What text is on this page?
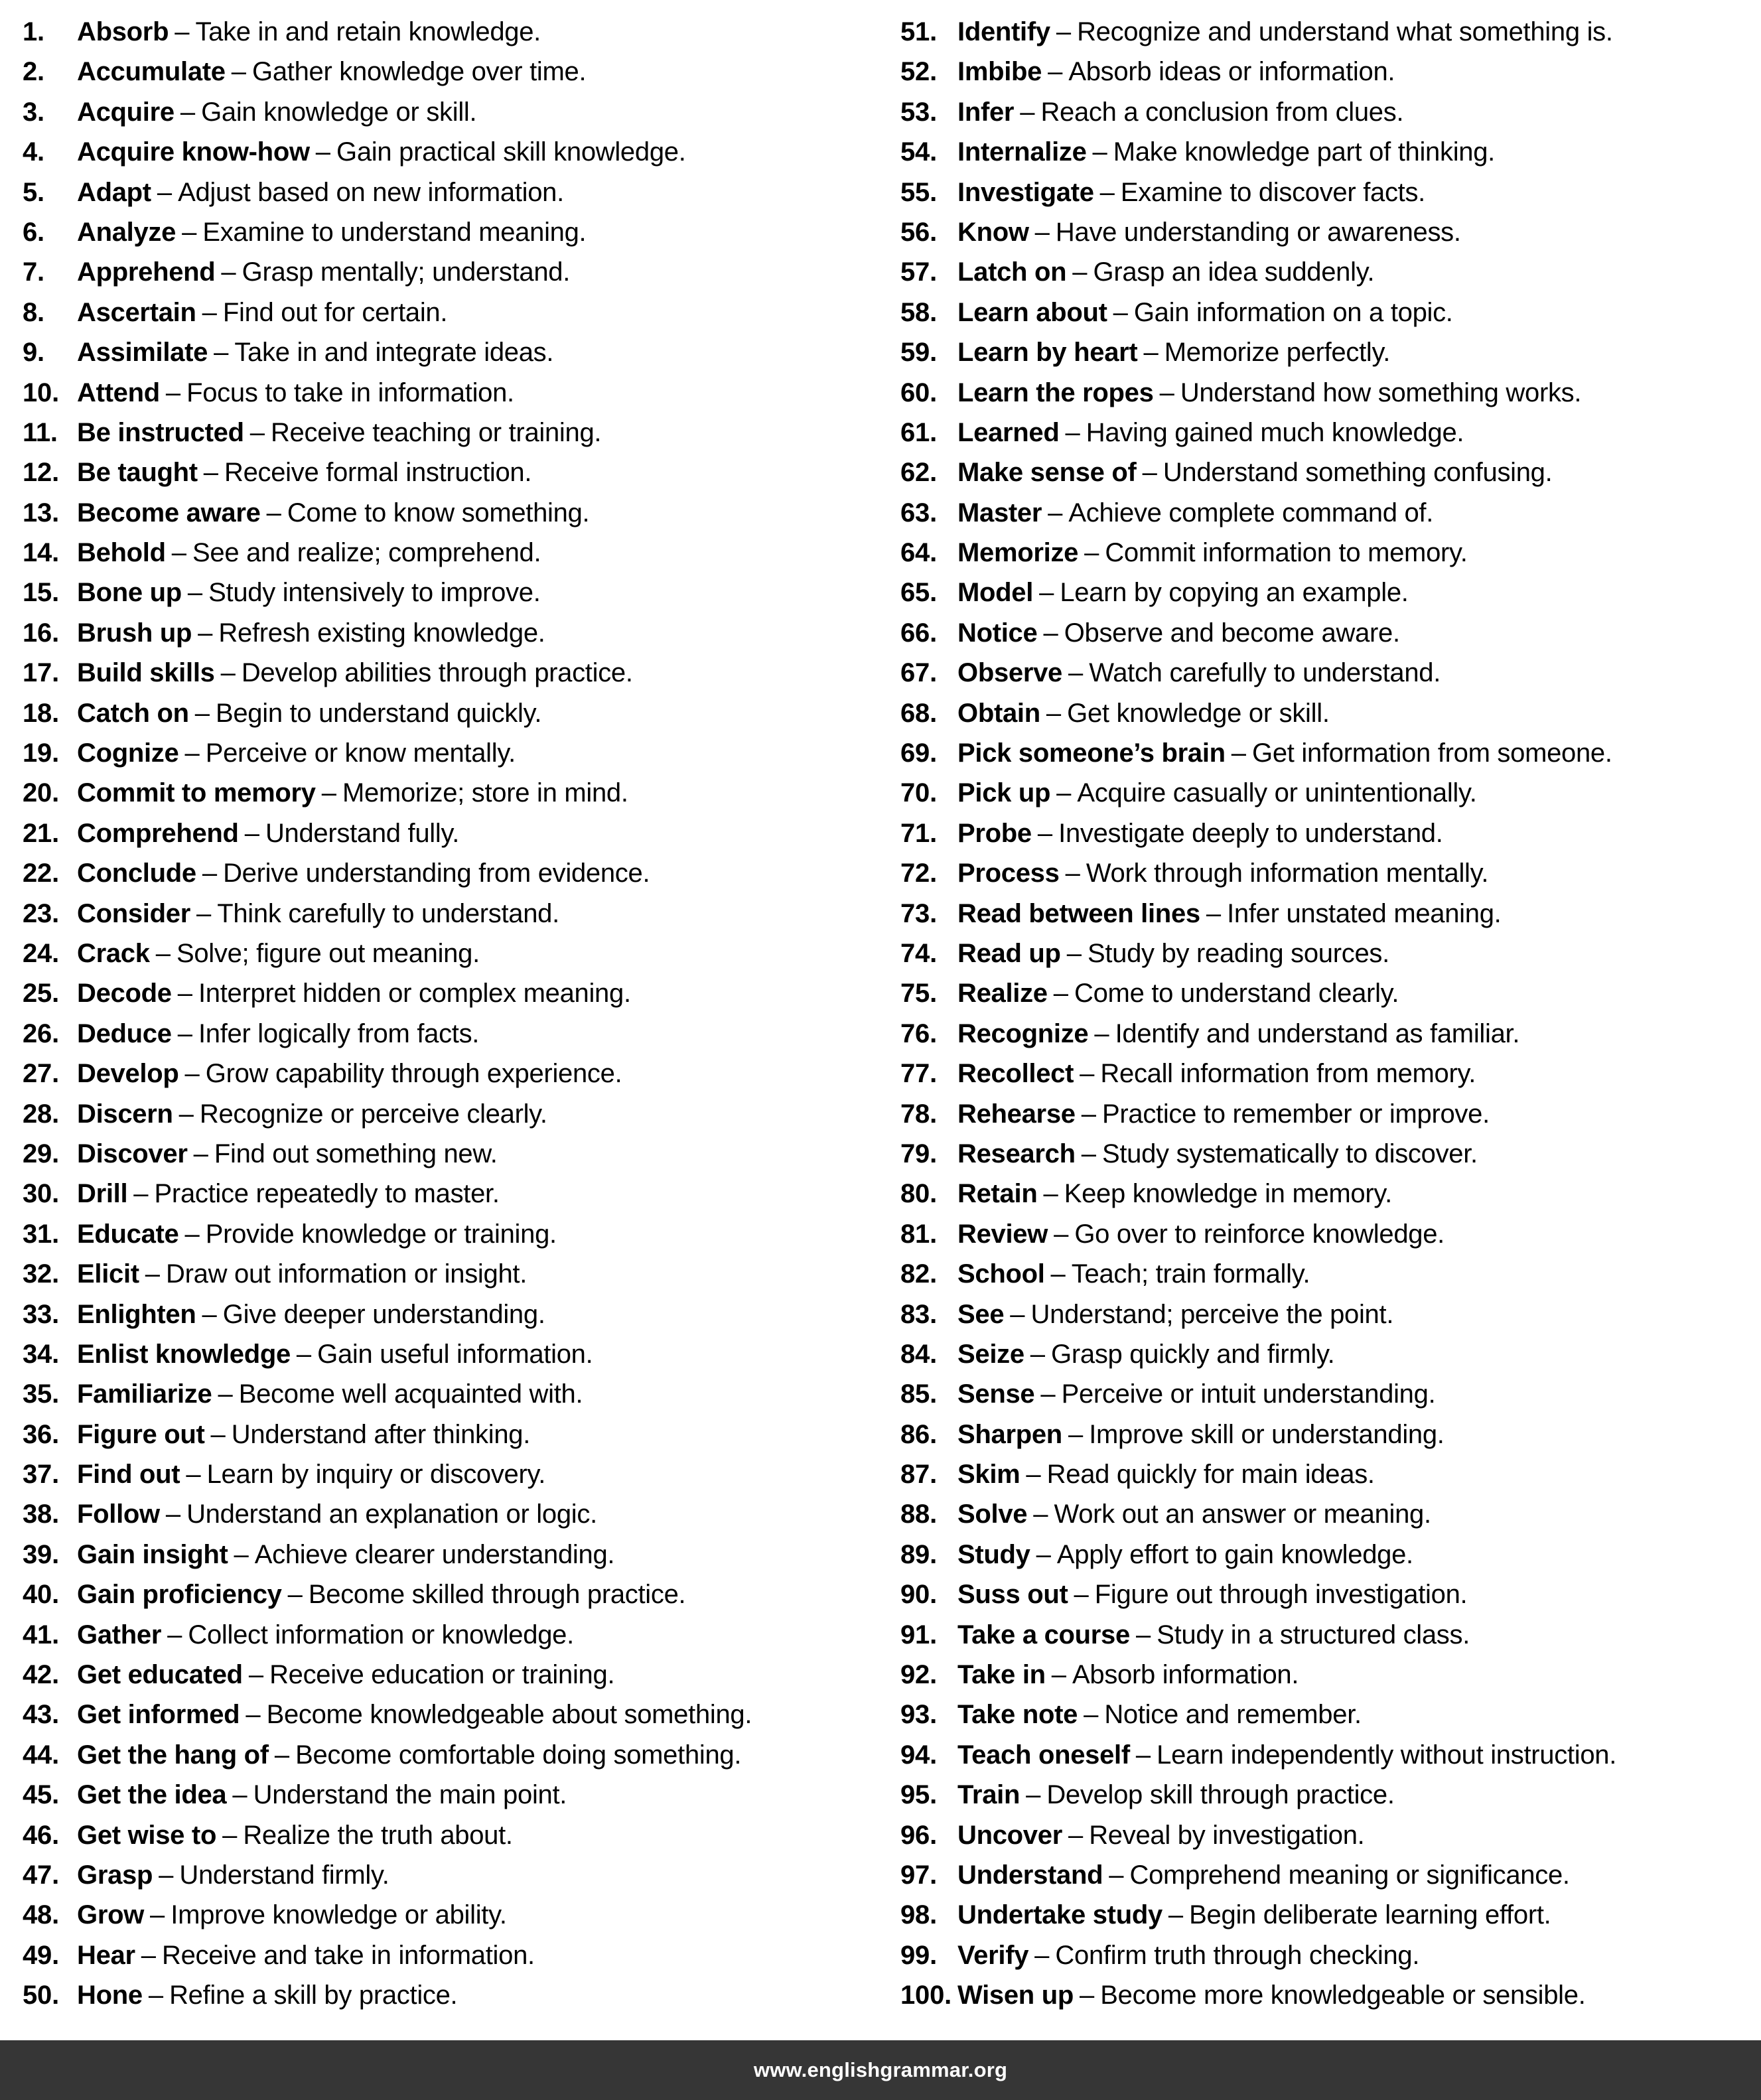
1.	Absorb – Take in and retain knowledge.
2.	Accumulate – Gather knowledge over time.
3.	Acquire – Gain knowledge or skill.
4.	Acquire know-how – Gain practical skill knowledge.
5.	Adapt – Adjust based on new information.
6.	Analyze – Examine to understand meaning.
7.	Apprehend – Grasp mentally; understand.
8.	Ascertain – Find out for certain.
9.	Assimilate – Take in and integrate ideas.
10. Attend – Focus to take in information.
11. Be instructed – Receive teaching or training.
12. Be taught – Receive formal instruction.
13. Become aware – Come to know something.
14. Behold – See and realize; comprehend.
15. Bone up – Study intensively to improve.
16. Brush up – Refresh existing knowledge.
17. Build skills – Develop abilities through practice.
18. Catch on – Begin to understand quickly.
19. Cognize – Perceive or know mentally.
20. Commit to memory – Memorize; store in mind.
21. Comprehend – Understand fully.
22. Conclude – Derive understanding from evidence.
23. Consider – Think carefully to understand.
24. Crack – Solve; figure out meaning.
25. Decode – Interpret hidden or complex meaning.
26. Deduce – Infer logically from facts.
27. Develop – Grow capability through experience.
28. Discern – Recognize or perceive clearly.
29. Discover – Find out something new.
30. Drill – Practice repeatedly to master.
31. Educate – Provide knowledge or training.
32. Elicit – Draw out information or insight.
33. Enlighten – Give deeper understanding.
34. Enlist knowledge – Gain useful information.
35. Familiarize – Become well acquainted with.
36. Figure out – Understand after thinking.
37. Find out – Learn by inquiry or discovery.
38. Follow – Understand an explanation or logic.
39. Gain insight – Achieve clearer understanding.
40. Gain proficiency – Become skilled through practice.
41. Gather – Collect information or knowledge.
42. Get educated – Receive education or training.
43. Get informed – Become knowledgeable about something.
44. Get the hang of – Become comfortable doing something.
45. Get the idea – Understand the main point.
46. Get wise to – Realize the truth about.
47. Grasp – Understand firmly.
48. Grow – Improve knowledge or ability.
49. Hear – Receive and take in information.
50. Hone – Refine a skill by practice.
51. Identify – Recognize and understand what something is.
52. Imbibe – Absorb ideas or information.
53. Infer – Reach a conclusion from clues.
54. Internalize – Make knowledge part of thinking.
55. Investigate – Examine to discover facts.
56. Know – Have understanding or awareness.
57. Latch on – Grasp an idea suddenly.
58. Learn about – Gain information on a topic.
59. Learn by heart – Memorize perfectly.
60. Learn the ropes – Understand how something works.
61. Learned – Having gained much knowledge.
62. Make sense of – Understand something confusing.
63. Master – Achieve complete command of.
64. Memorize – Commit information to memory.
65. Model – Learn by copying an example.
66. Notice – Observe and become aware.
67. Observe – Watch carefully to understand.
68. Obtain – Get knowledge or skill.
69. Pick someone’s brain – Get information from someone.
70. Pick up – Acquire casually or unintentionally.
71. Probe – Investigate deeply to understand.
72. Process – Work through information mentally.
73. Read between lines – Infer unstated meaning.
74. Read up – Study by reading sources.
75. Realize – Come to understand clearly.
76. Recognize – Identify and understand as familiar.
77. Recollect – Recall information from memory.
78. Rehearse – Practice to remember or improve.
79. Research – Study systematically to discover.
80. Retain – Keep knowledge in memory.
81. Review – Go over to reinforce knowledge.
82. School – Teach; train formally.
83. See – Understand; perceive the point.
84. Seize – Grasp quickly and firmly.
85. Sense – Perceive or intuit understanding.
86. Sharpen – Improve skill or understanding.
87. Skim – Read quickly for main ideas.
88. Solve – Work out an answer or meaning.
89. Study – Apply effort to gain knowledge.
90. Suss out – Figure out through investigation.
91. Take a course – Study in a structured class.
92. Take in – Absorb information.
93. Take note – Notice and remember.
94. Teach oneself – Learn independently without instruction.
95. Train – Develop skill through practice.
96. Uncover – Reveal by investigation.
97. Understand – Comprehend meaning or significance.
98. Undertake study – Begin deliberate learning effort.
99. Verify – Confirm truth through checking.
100. Wisen up – Become more knowledgeable or sensible.
www.englishgrammar.org
